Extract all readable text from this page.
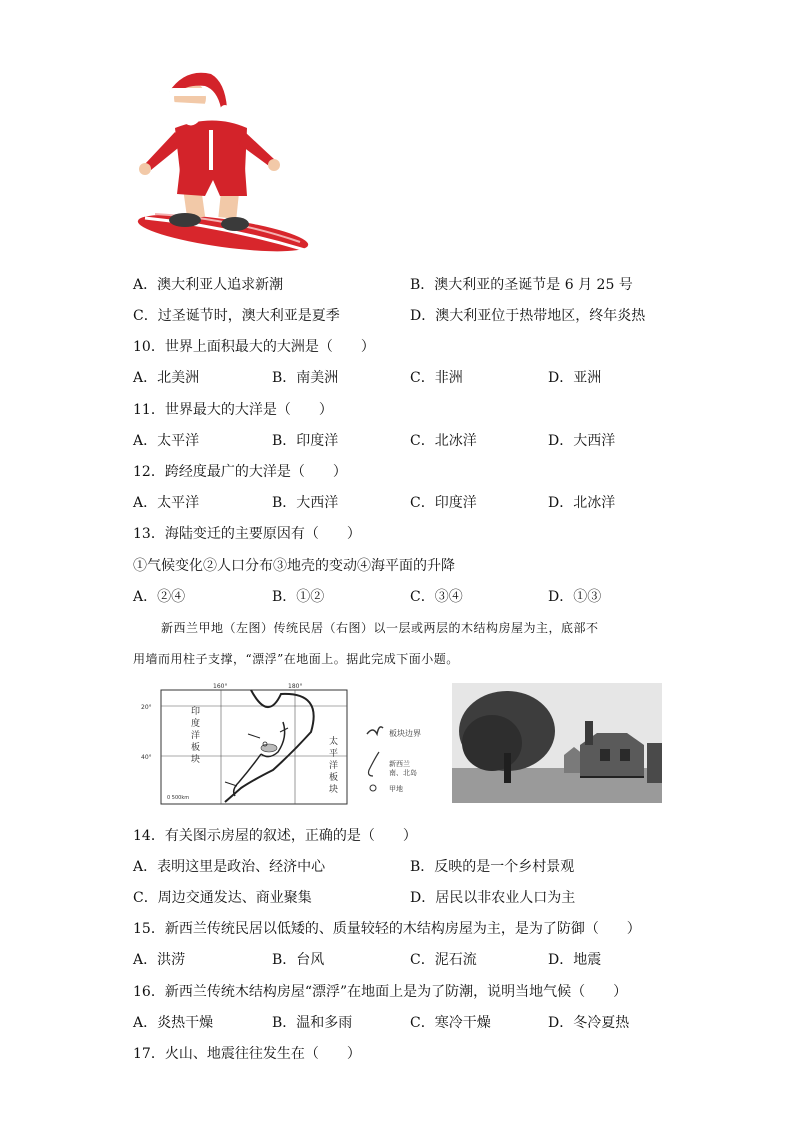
A．澳大利亚人追求新潮	B．澳大利亚的圣诞节是 6 月 25 号
C．过圣诞节时，澳大利亚是夏季	D．澳大利亚位于热带地区，终年炎热
10．世界上面积最大的大洲是（　　）
A．北美洲	B．南美洲	C．非洲	D．亚洲
11．世界最大的大洋是（　　）
A．太平洋	B．印度洋	C．北冰洋	D．大西洋
12．跨经度最广的大洋是（　　）
A．太平洋	B．大西洋	C．印度洋	D．北冰洋
13．海陆变迁的主要原因有（　　）
①气候变化②人口分布③地壳的变动④海平面的升降
A．②④	B．①②	C．③④	D．①③
新西兰甲地（左图）传统民居（右图）以一层或两层的木结构房屋为主，底部不
用墙而用柱子支撑，“漂浮”在地面上。据此完成下面小题。
160°	180°
20°
40°
印
度
洋
板
块
太
平
洋
板
块
0 500km
板块边界
新西兰
南、北岛
甲地
14．有关图示房屋的叙述，正确的是（　　）
A．表明这里是政治、经济中心	B．反映的是一个乡村景观
C．周边交通发达、商业聚集	D．居民以非农业人口为主
15．新西兰传统民居以低矮的、质量较轻的木结构房屋为主，是为了防御（　　）
A．洪涝	B．台风	C．泥石流	D．地震
16．新西兰传统木结构房屋“漂浮”在地面上是为了防潮，说明当地气候（　　）
A．炎热干燥	B．温和多雨	C．寒冷干燥	D．冬冷夏热
17．火山、地震往往发生在（　　）
